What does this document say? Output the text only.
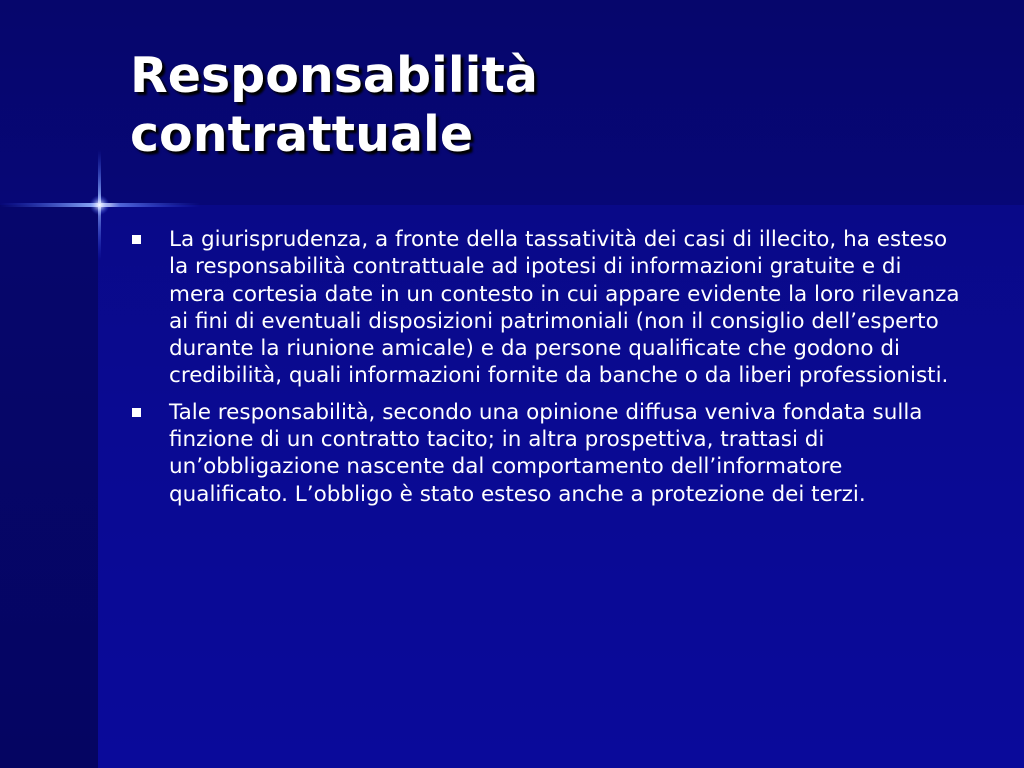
Responsabilità
contrattuale
La giurisprudenza, a fronte della tassatività dei casi di illecito, ha esteso la responsabilità contrattuale ad ipotesi di informazioni gratuite e di mera cortesia date in un contesto in cui appare evidente la loro rilevanza ai fini di eventuali disposizioni patrimoniali (non il consiglio dell’esperto durante la riunione amicale) e da persone qualificate che godono di credibilità, quali informazioni fornite da banche o da liberi professionisti.
Tale responsabilità, secondo una opinione diffusa veniva fondata sulla finzione di un contratto tacito; in altra prospettiva, trattasi di un’obbligazione nascente dal comportamento dell’informatore qualificato. L’obbligo è stato esteso anche a protezione dei terzi.
